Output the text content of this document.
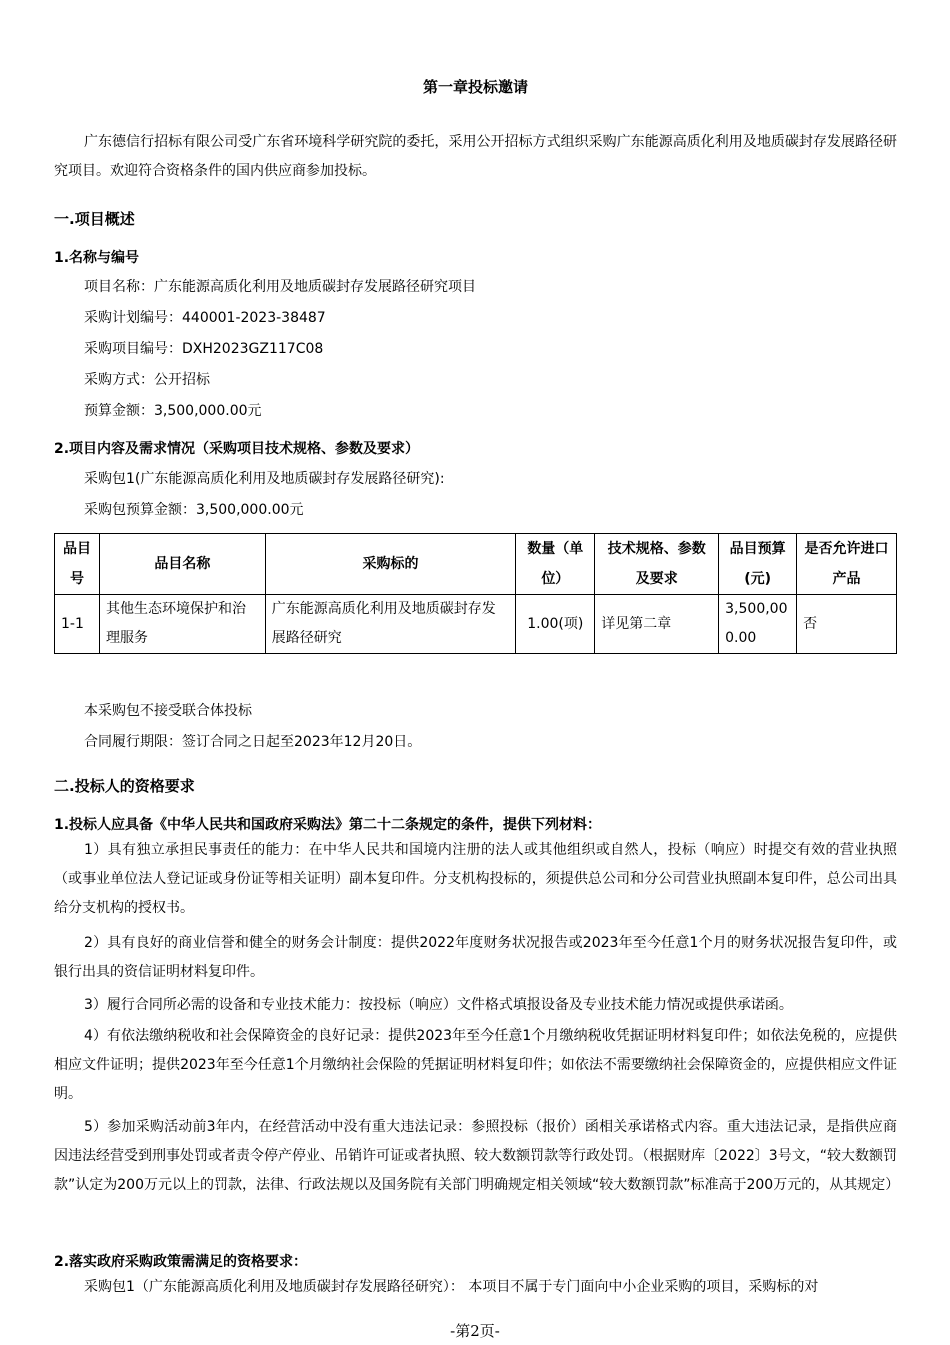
第一章投标邀请

广东德信行招标有限公司受广东省环境科学研究院的委托，采用公开招标方式组织采购广东能源高质化利用及地质碳封存发展路径研究项目。欢迎符合资格条件的国内供应商参加投标。

一.项目概述
1.名称与编号
项目名称：广东能源高质化利用及地质碳封存发展路径研究项目
采购计划编号：440001-2023-38487
采购项目编号：DXH2023GZ117C08
采购方式：公开招标
预算金额：3,500,000.00元
2.项目内容及需求情况（采购项目技术规格、参数及要求）
采购包1(广东能源高质化利用及地质碳封存发展路径研究):
采购包预算金额：3,500,000.00元
品目号	品目名称	采购标的	数量（单位）	技术规格、参数及要求	品目预算(元)	是否允许进口产品
1-1	其他生态环境保护和治理服务	广东能源高质化利用及地质碳封存发展路径研究	1.00(项)	详见第二章	3,500,000.00	否
本采购包不接受联合体投标
合同履行期限：签订合同之日起至2023年12月20日。
二.投标人的资格要求
1.投标人应具备《中华人民共和国政府采购法》第二十二条规定的条件，提供下列材料：

1）具有独立承担民事责任的能力：在中华人民共和国境内注册的法人或其他组织或自然人，投标（响应）时提交有效的营业执照（或事业单位法人登记证或身份证等相关证明）副本复印件。分支机构投标的，须提供总公司和分公司营业执照副本复印件，总公司出具给分支机构的授权书。

2）具有良好的商业信誉和健全的财务会计制度：提供2022年度财务状况报告或2023年至今任意1个月的财务状况报告复印件，或银行出具的资信证明材料复印件。

3）履行合同所必需的设备和专业技术能力：按投标（响应）文件格式填报设备及专业技术能力情况或提供承诺函。

4）有依法缴纳税收和社会保障资金的良好记录：提供2023年至今任意1个月缴纳税收凭据证明材料复印件；如依法免税的，应提供相应文件证明；提供2023年至今任意1个月缴纳社会保险的凭据证明材料复印件；如依法不需要缴纳社会保障资金的，应提供相应文件证明。

5）参加采购活动前3年内，在经营活动中没有重大违法记录：参照投标（报价）函相关承诺格式内容。重大违法记录，是指供应商因违法经营受到刑事处罚或者责令停产停业、吊销许可证或者执照、较大数额罚款等行政处罚。（根据财库〔2022〕3号文，“较大数额罚款”认定为200万元以上的罚款，法律、行政法规以及国务院有关部门明确规定相关领域“较大数额罚款”标准高于200万元的，从其规定）

2.落实政府采购政策需满足的资格要求：

采购包1（广东能源高质化利用及地质碳封存发展路径研究）： 本项目不属于专门面向中小企业采购的项目，采购标的对

-第2页-
